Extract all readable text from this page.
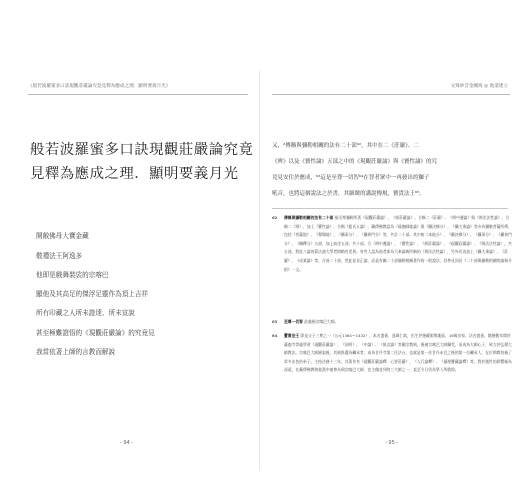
《般若波羅蜜多口訣現觀莊嚴論究竟見釋為應成之理．顯明要義月光》
般若波羅蜜多口訣現觀莊嚴論究竟
見釋為應成之理．顯明要義月光
開敞佛母大寶金藏
敬禮法王阿逸多
他即是戲舞裝裟的宗喀巴
顯他及其高足的傑浮足靈作為頂上吉祥
所有印藏之人所未證達、所未宣說
甚至極難證悟的《現觀莊嚴論》的究竟見
我當依著上師的言教而解說
- 94 -
文殊妙音金剛海 ◎ 地道建立
又，²傳稱與彌勒相關的法有二十部⁶²，其中在二《莊嚴》、二
《辨》以及《寶性論》五部之中的《現觀莊嚴論》與《寶性論》的究
竟見安住於應成，⁶³這是至尊一切智⁶⁴在智者眾中一再發出的獅子
吼音，也將這個說法之於書，其細緻的講說傳規，寶貴法王⁶⁵。
62 傳稱與彌勒相關的法有二十部 指至尊彌勒所著《現觀莊嚴論》、《經莊嚴論》、合稱二《莊嚴》、《辨中邊論》與《辨法法性論》、合稱二《辨》，加上《寶性論》，合稱《慈氏五論》，藏傳佛教認為《瑜伽師地論》與《攝決擇分》、《攝大乘論》等亦為彌勒菩薩所傳，包括《菩薩地》、《聲聞地》、《攝事分》、《攝異門分》等，共計二十部。其中如《本地分》、《攝決擇分》、《攝事分》、《攝異門分》、《攝釋分》五部，加上前述五部，共十部，合《辨中邊論》、《寶性論》、《經莊嚴論》、《現觀莊嚴論》、《辨法法性論》，共五部，對此八論的算法諸大學者間略有差異。有些人認為前者即為大乘論典所稱的《辨法法性論》，另外若再加上《攝大乘論》、《莊嚴》、《成業論》等，合前二十部，然此並非正論，而是有關二十部彌勒相關著作的一般說法，詳參見同頁《二十部與彌勒相關的論典介紹》一文。
63 至尊一切智 此處指宗喀巴大師。
64 寶貴法王 即是父子三尊之一（公元1364～1432），本名盛賓．達瑪仁欽，出生於後藏娘堆地區，16歲出家，法名盛賓，隨後數年間於薩迦寺等處學習《現觀莊嚴論》、《因明》、《中論》、《俱舍論》等顯宗教典，後被宗喀巴大師攝受，而成為大師心子，致力於弘揚大師教法。宗喀巴大師圓寂後，其被推選為繼承者，成為甘丹寺第二任法台，也就是第一任甘丹赤巴之後的第一位繼承人，在位期間培養了眾多出色的弟子，主持法務十三年，其著作有《現觀莊嚴論釋．心要莊嚴》、《入行論釋》、《量理寶藏論釋》等，對於後世的影響極為深遠，在藏傳佛教格魯派中被尊為與宗喀巴大師、克主傑並列的三大師之一，直至今日仍為學人所敬仰。
- 95 -
